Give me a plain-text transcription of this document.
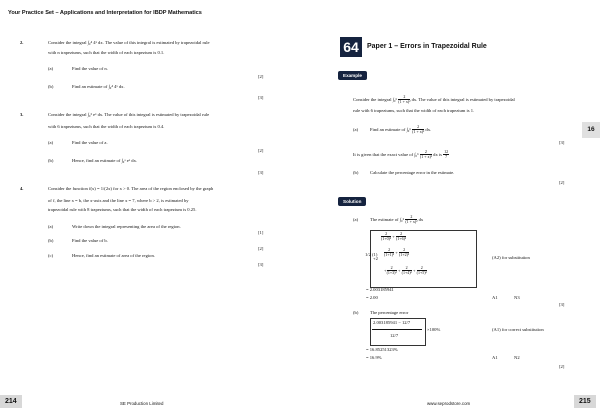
Your Practice Set – Applications and Interpretation for IBDP Mathematics
2.	Consider the integral ∫₀⁴ 4ˣ dx. The value of this integral is estimated by trapezoidal rule
with n trapeziums, such that the width of each trapezium is 0.1.
(a)	Find the value of n.
[2]
(b)	Find an estimate of ∫₀⁴ 4ˣ dx.
[3]
3.	Consider the integral ∫₀³ eˣ dx. The value of this integral is estimated by trapezoidal rule
with 6 trapeziums, such that the width of each trapezium is 0.4.
(a)	Find the value of a.
[2]
(b)	Hence, find an estimate of ∫₀ᵃ eˣ dx.
[3]
4.	Consider the function f(x) = 1/(2x) for x > 0. The area of the region enclosed by the graph
of f, the line x = b, the x-axis and the line x = 7, where b > 2, is estimated by
trapezoidal rule with 8 trapeziums, such that the width of each trapezium is 0.25.
(a)	Write down the integral representing the area of the region.
[1]
(b)	Find the value of b.
[2]
(c)	Hence, find an estimate of area of the region.
[3]
214	SE Production Limited
64	Paper 1 – Errors in Trapezoidal Rule
16
Example
Consider the integral $\int_0^6 \frac{2}{\text{(1 + x)²}}$ dx. The value of this integral is estimated by trapezoidal
rule with 6 trapeziums, such that the width of each trapezium is 1.
(a)	Find an estimate of $\int_0^6 \frac{2}{\text{(1 + x)²}}$ dx.
[3]
It is given that the exact value of $\int_0^6 \frac{2}{\text{(1 + x)²}}$ dx is $\frac{12}{7}$
(b)	Calculate the percentage error in the estimate.
[2]
Solution
(a)	The estimate of $\int_0^6 \frac{2}{\text{(1 + x)²}}$ dx
1/2 (1)
$\frac{2}{\text{(1+0)²}} + \frac{2}{\text{(1+6)²}}$
+2
$\frac{2}{\text{(1+1)²}} + \frac{2}{\text{(1+2)²}}$
+ $\frac{2}{\text{(1+3)²}} + \frac{2}{\text{(1+4)²}} + \frac{2}{\text{(1+5)²}}$
(A2) for substitution
= 2.003185941
= 2.00	A1	N3
[3]
(b)	The percentage error
2.003185941 − 12/7
12/7
×100%	(A1) for correct substitution
= 16.85251323%
= 16.9%	A1	N2
[2]
215
www.seprodstore.com
